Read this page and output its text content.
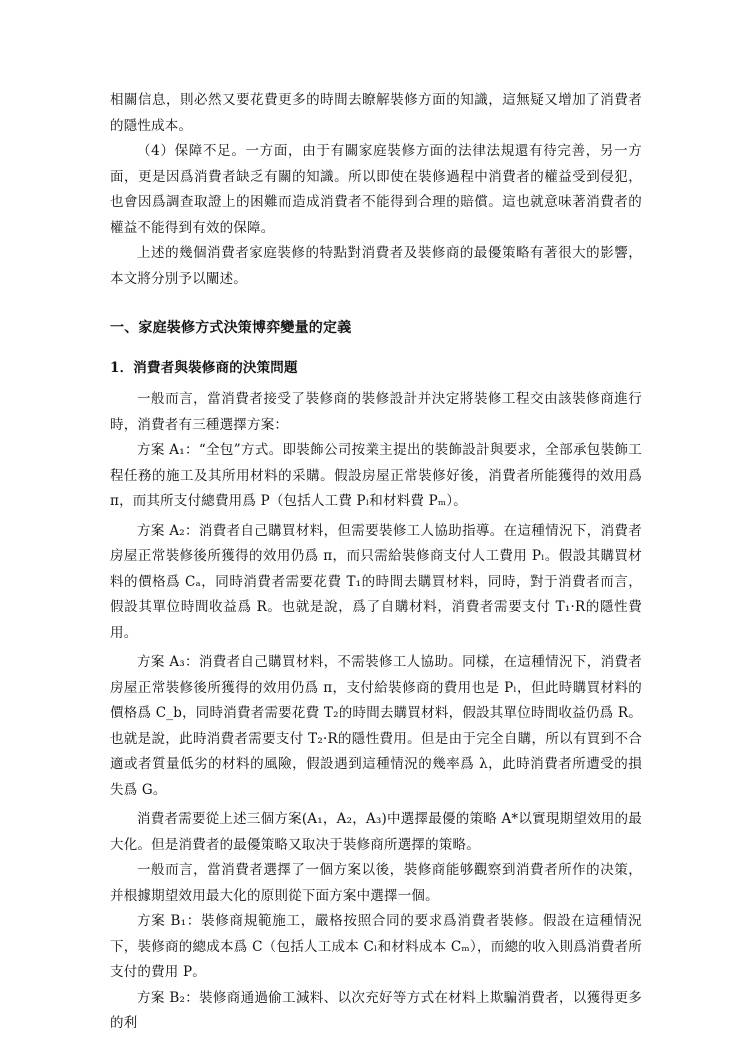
相關信息，則必然又要花費更多的時間去瞭解裝修方面的知識，這無疑又增加了消費者的隱性成本。

（4）保障不足。一方面，由于有關家庭裝修方面的法律法規還有待完善，另一方面，更是因爲消費者缺乏有關的知識。所以即使在裝修過程中消費者的權益受到侵犯，也會因爲調查取證上的困難而造成消費者不能得到合理的賠償。這也就意味著消費者的權益不能得到有效的保障。

上述的幾個消費者家庭裝修的特點對消費者及裝修商的最優策略有著很大的影響，本文將分別予以闡述。

一、家庭裝修方式決策博弈變量的定義
1．消費者與裝修商的決策問題

一般而言，當消費者接受了裝修商的裝修設計并決定將裝修工程交由該裝修商進行時，消費者有三種選擇方案：

方案 A₁：“全包”方式。即裝飾公司按業主提出的裝飾設計與要求，全部承包裝飾工程任務的施工及其所用材料的采購。假設房屋正常裝修好後，消費者所能獲得的效用爲 π，而其所支付總費用爲 P（包括人工費 Pₗ和材料費 Pₘ）。

方案 A₂：消費者自己購買材料，但需要裝修工人協助指導。在這種情況下，消費者房屋正常裝修後所獲得的效用仍爲 π，而只需給裝修商支付人工費用 Pₗ。假設其購買材料的價格爲 Cₐ，同時消費者需要花費 T₁的時間去購買材料，同時，對于消費者而言，假設其單位時間收益爲 R。也就是說，爲了自購材料，消費者需要支付 T₁·R的隱性費用。

方案 A₃：消費者自己購買材料，不需裝修工人協助。同樣，在這種情況下，消費者房屋正常裝修後所獲得的效用仍爲 π，支付給裝修商的費用也是 Pₗ，但此時購買材料的價格爲 C_b，同時消費者需要花費 T₂的時間去購買材料，假設其單位時間收益仍爲 R。也就是說，此時消費者需要支付 T₂·R的隱性費用。但是由于完全自購，所以有買到不合適或者質量低劣的材料的風險，假設遇到這種情況的幾率爲 λ，此時消費者所遭受的損失爲 G。

消費者需要從上述三個方案(A₁，A₂，A₃)中選擇最優的策略 A*以實現期望效用的最大化。但是消費者的最優策略又取决于裝修商所選擇的策略。

一般而言，當消費者選擇了一個方案以後，裝修商能够觀察到消費者所作的决策，并根據期望效用最大化的原則從下面方案中選擇一個。

方案 B₁：裝修商規範施工，嚴格按照合同的要求爲消費者裝修。假設在這種情況下，裝修商的總成本爲 C（包括人工成本 Cₗ和材料成本 Cₘ），而總的收入則爲消費者所支付的費用 P。

方案 B₂：裝修商通過偷工減料、以次充好等方式在材料上欺騙消費者，以獲得更多的利
